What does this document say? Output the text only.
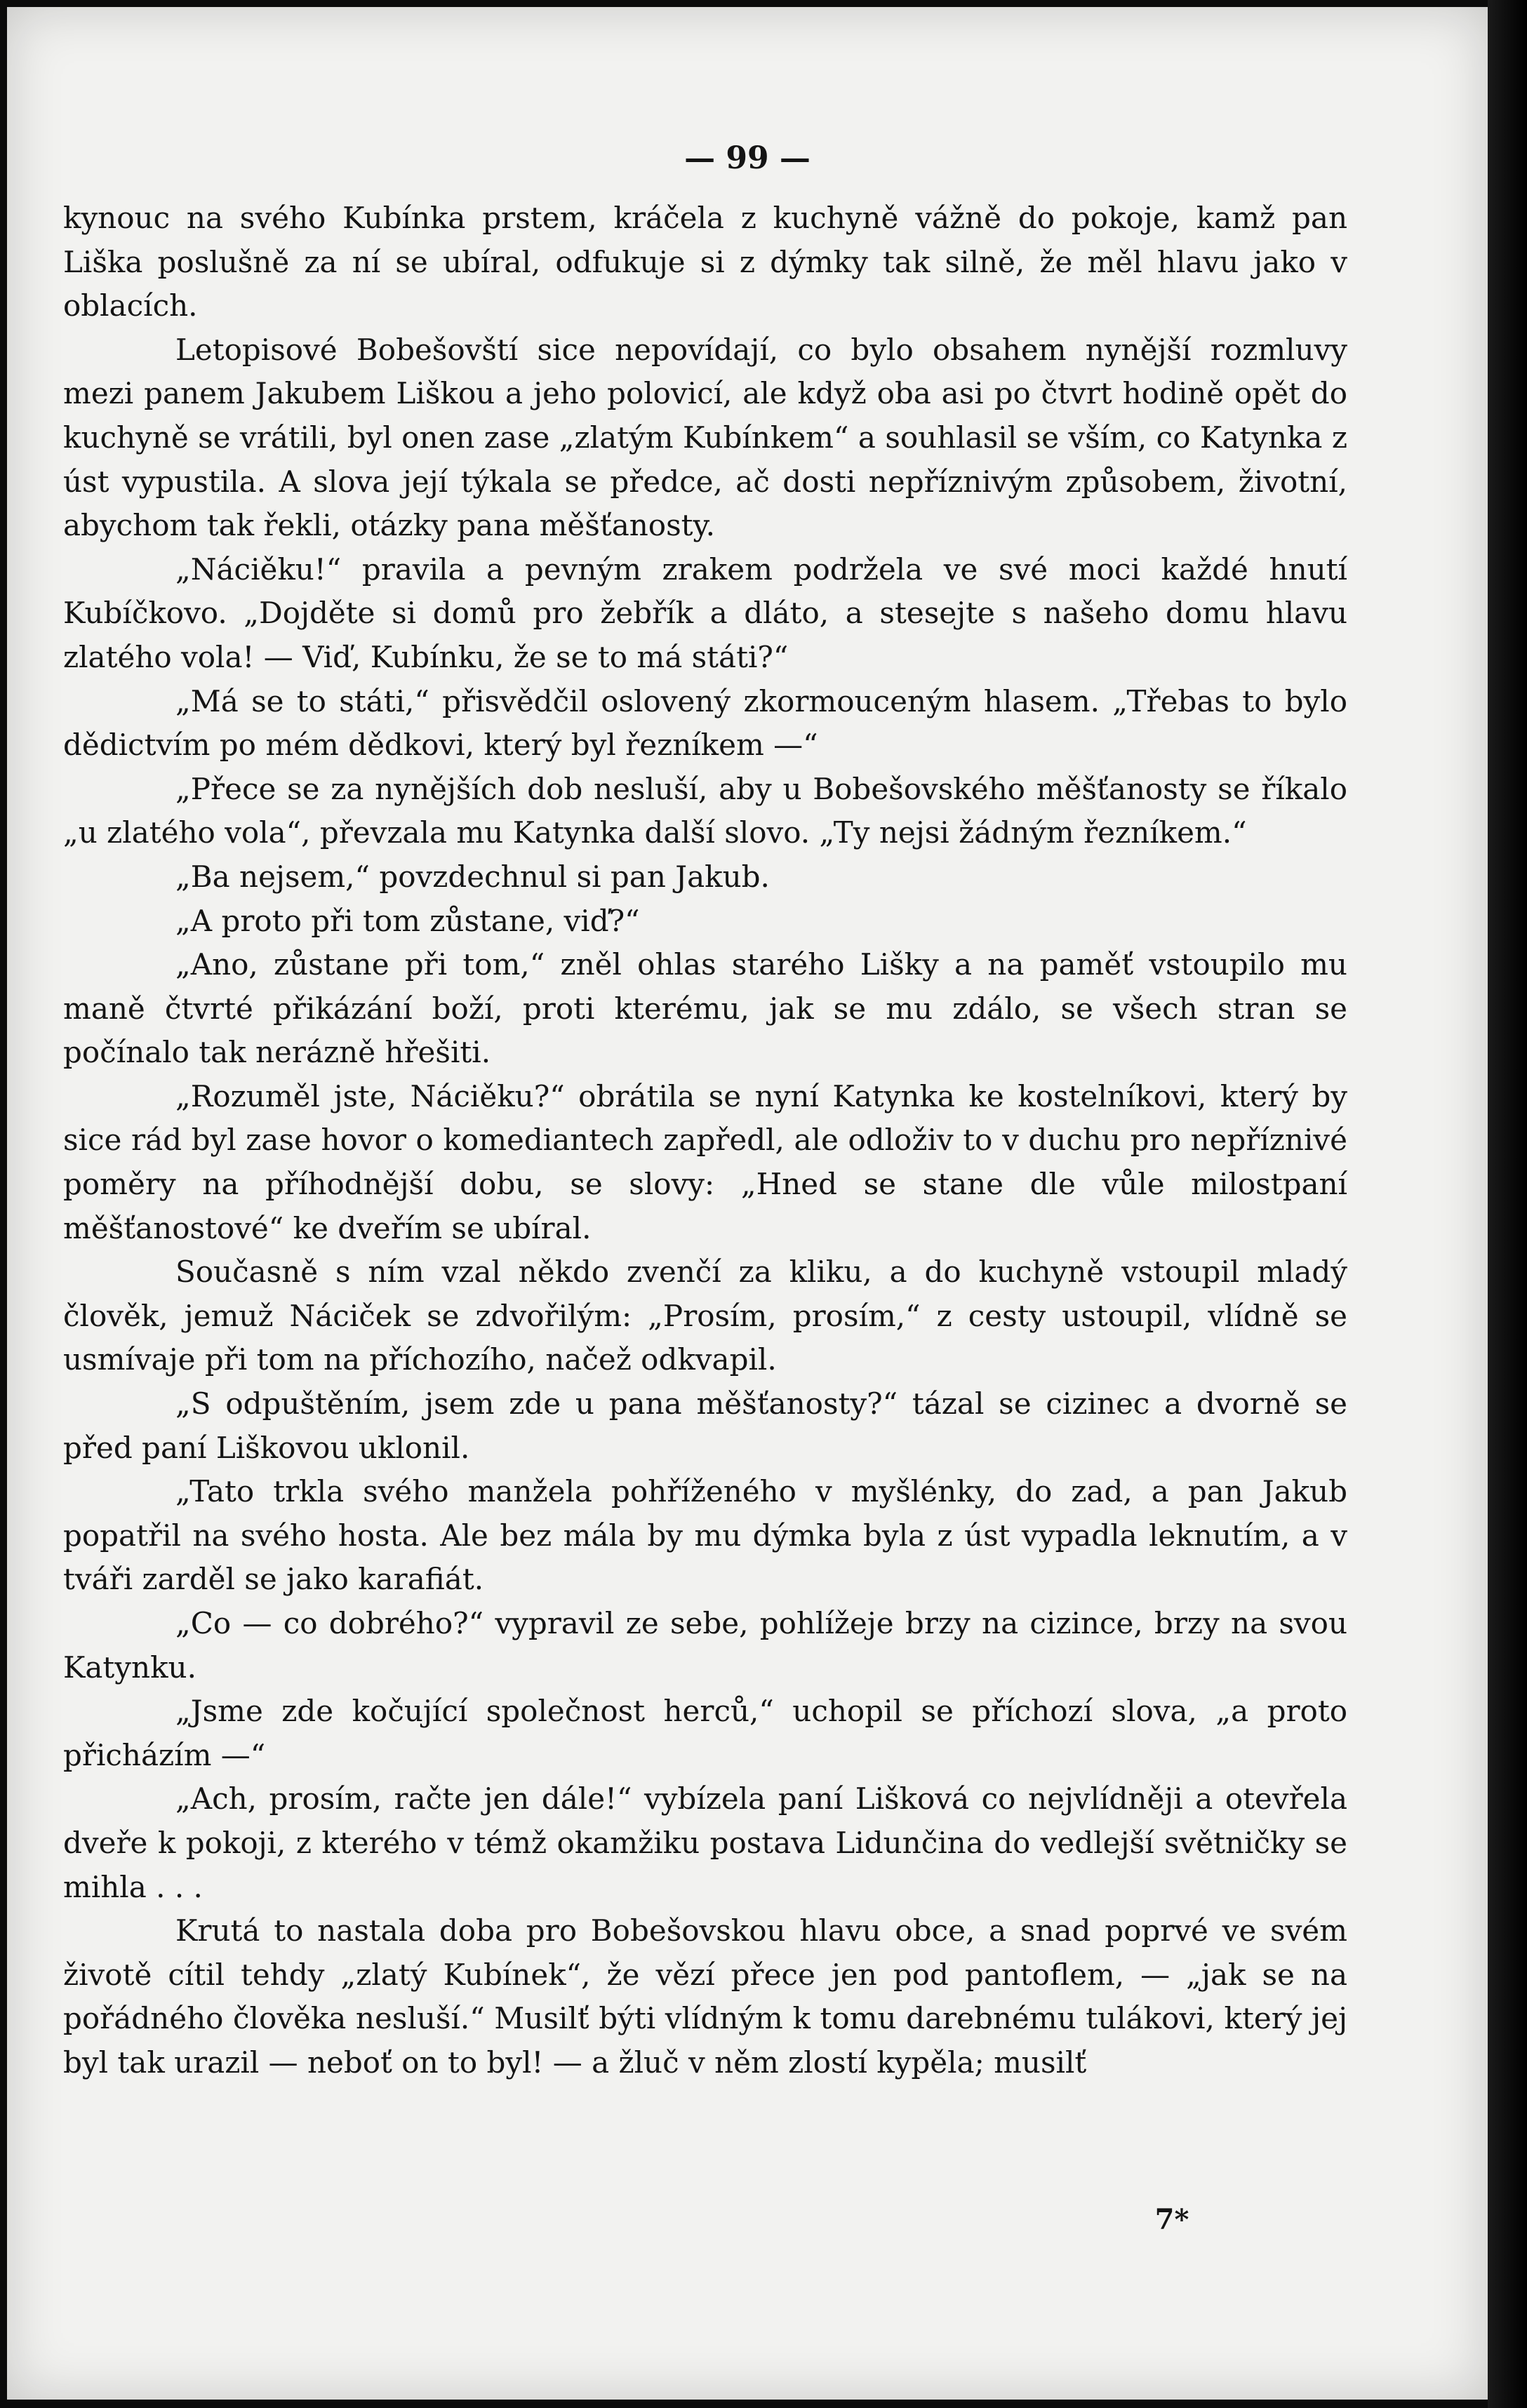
— 99 —

kynouc na svého Kubínka prstem, kráčela z kuchyně vážně do pokoje, kamž pan Liška poslušně za ní se ubíral, odfukuje si z dýmky tak silně, že měl hlavu jako v oblacích.

Letopisové Bobešovští sice nepovídají, co bylo obsahem nynější rozmluvy mezi panem Jakubem Liškou a jeho polovicí, ale když oba asi po čtvrt hodině opět do kuchyně se vrátili, byl onen zase „zlatým Kubínkem“ a souhlasil se vším, co Katynka z úst vypustila. A slova její týkala se předce, ač dosti nepříznivým způsobem, životní, abychom tak řekli, otázky pana měšťanosty.

„Náciěku!“ pravila a pevným zrakem podržela ve své moci každé hnutí Kubíčkovo. „Dojděte si domů pro žebřík a dláto, a stesejte s našeho domu hlavu zlatého vola! — Viď, Kubínku, že se to má státi?“

„Má se to státi,“ přisvědčil oslovený zkormouceným hlasem. „Třebas to bylo dědictvím po mém dědkovi, který byl řezníkem —“

„Přece se za nynějších dob nesluší, aby u Bobešovského měšťanosty se říkalo „u zlatého vola“, převzala mu Katynka další slovo. „Ty nejsi žádným řezníkem.“

„Ba nejsem,“ povzdechnul si pan Jakub.

„A proto při tom zůstane, viď?“

„Ano, zůstane při tom,“ zněl ohlas starého Lišky a na paměť vstoupilo mu maně čtvrté přikázání boží, proti kterému, jak se mu zdálo, se všech stran se počínalo tak nerázně hřešiti.

„Rozuměl jste, Náciěku?“ obrátila se nyní Katynka ke kostelníkovi, který by sice rád byl zase hovor o komediantech zapředl, ale odloživ to v duchu pro nepříznivé poměry na příhodnější dobu, se slovy: „Hned se stane dle vůle milostpaní měšťanostové“ ke dveřím se ubíral.

Současně s ním vzal někdo zvenčí za kliku, a do kuchyně vstoupil mladý člověk, jemuž Náciček se zdvořilým: „Prosím, prosím,“ z cesty ustoupil, vlídně se usmívaje při tom na příchozího, načež odkvapil.

„S odpuštěním, jsem zde u pana měšťanosty?“ tázal se cizinec a dvorně se před paní Liškovou uklonil.

„Tato trkla svého manžela pohříženého v myšlénky, do zad, a pan Jakub popatřil na svého hosta. Ale bez mála by mu dýmka byla z úst vypadla leknutím, a v tváři zarděl se jako karafiát.

„Co — co dobrého?“ vypravil ze sebe, pohlížeje brzy na cizince, brzy na svou Katynku.

„Jsme zde kočující společnost herců,“ uchopil se příchozí slova, „a proto přicházím —“

„Ach, prosím, račte jen dále!“ vybízela paní Lišková co nejvlídněji a otevřela dveře k pokoji, z kterého v témž okamžiku postava Lidunčina do vedlejší světničky se mihla . . .

Krutá to nastala doba pro Bobešovskou hlavu obce, a snad poprvé ve svém životě cítil tehdy „zlatý Kubínek“, že vězí přece jen pod pantoflem, — „jak se na pořádného člověka nesluší.“ Musilť býti vlídným k tomu darebnému tulákovi, který jej byl tak urazil — neboť on to byl! — a žluč v něm zlostí kypěla; musilť

7*
